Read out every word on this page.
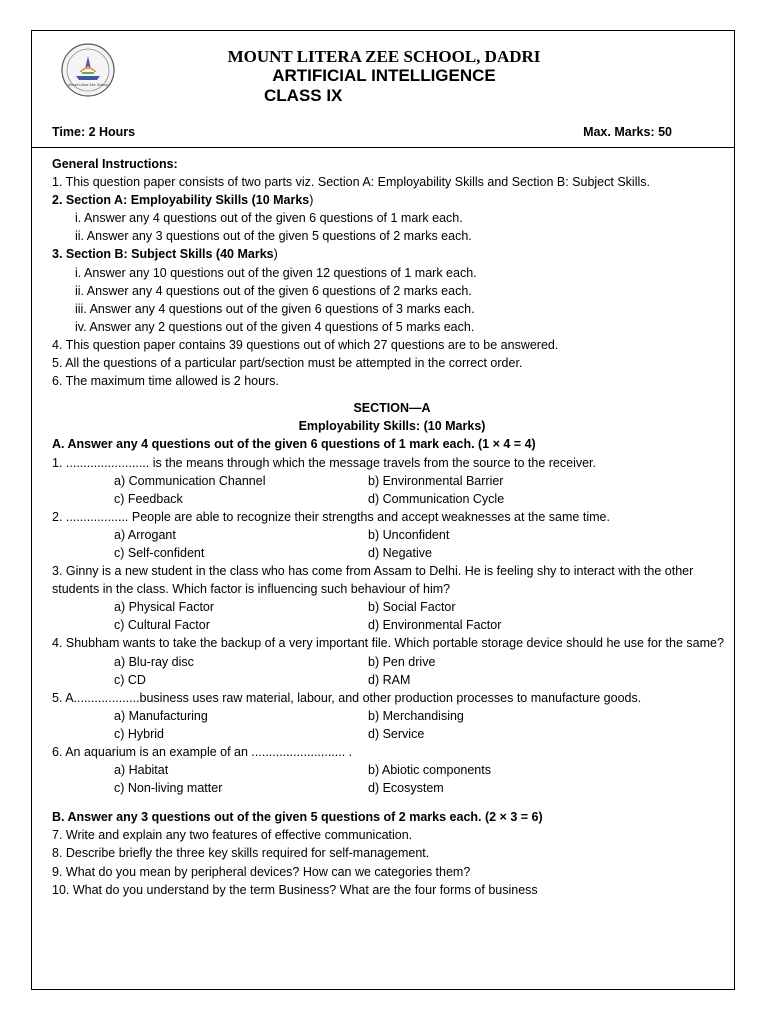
Mount Litera Zee School
MOUNT LITERA ZEE SCHOOL, DADRI
ARTIFICIAL INTELLIGENCE
CLASS IX
Time: 2 Hours	Max. Marks: 50
General Instructions:
1. This question paper consists of two parts viz. Section A: Employability Skills and Section B: Subject Skills.
2. Section A: Employability Skills (10 Marks)
i. Answer any 4 questions out of the given 6 questions of 1 mark each.
ii. Answer any 3 questions out of the given 5 questions of 2 marks each.
3. Section B: Subject Skills (40 Marks)
i. Answer any 10 questions out of the given 12 questions of 1 mark each.
ii. Answer any 4 questions out of the given 6 questions of 2 marks each.
iii. Answer any 4 questions out of the given 6 questions of 3 marks each.
iv. Answer any 2 questions out of the given 4 questions of 5 marks each.
4. This question paper contains 39 questions out of which 27 questions are to be answered.
5. All the questions of a particular part/section must be attempted in the correct order.
6. The maximum time allowed is 2 hours.
SECTION—A
Employability Skills: (10 Marks)
A. Answer any 4 questions out of the given 6 questions of 1 mark each. (1 × 4 = 4)
1. ........................ is the means through which the message travels from the source to the receiver.
a) Communication Channel	b) Environmental Barrier
c) Feedback	d) Communication Cycle
2. .................. People are able to recognize their strengths and accept weaknesses at the same time.
a) Arrogant	b) Unconfident
c) Self-confident	d) Negative
3. Ginny is a new student in the class who has come from Assam to Delhi. He is feeling shy to interact with the other students in the class. Which factor is influencing such behaviour of him?
a) Physical Factor	b) Social Factor
c) Cultural Factor	d) Environmental Factor
4. Shubham wants to take the backup of a very important file. Which portable storage device should he use for the same?
a) Blu-ray disc	b) Pen drive
c) CD	d) RAM
5. A...................business uses raw material, labour, and other production processes to manufacture goods.
a) Manufacturing	b) Merchandising
c) Hybrid	d) Service
6. An aquarium is an example of an ........................... .
a) Habitat	b) Abiotic components
c) Non-living matter	d) Ecosystem
B. Answer any 3 questions out of the given 5 questions of 2 marks each. (2 × 3 = 6)
7. Write and explain any two features of effective communication.
8. Describe briefly the three key skills required for self-management.
9. What do you mean by peripheral devices? How can we categories them?
10. What do you understand by the term Business? What are the four forms of business
